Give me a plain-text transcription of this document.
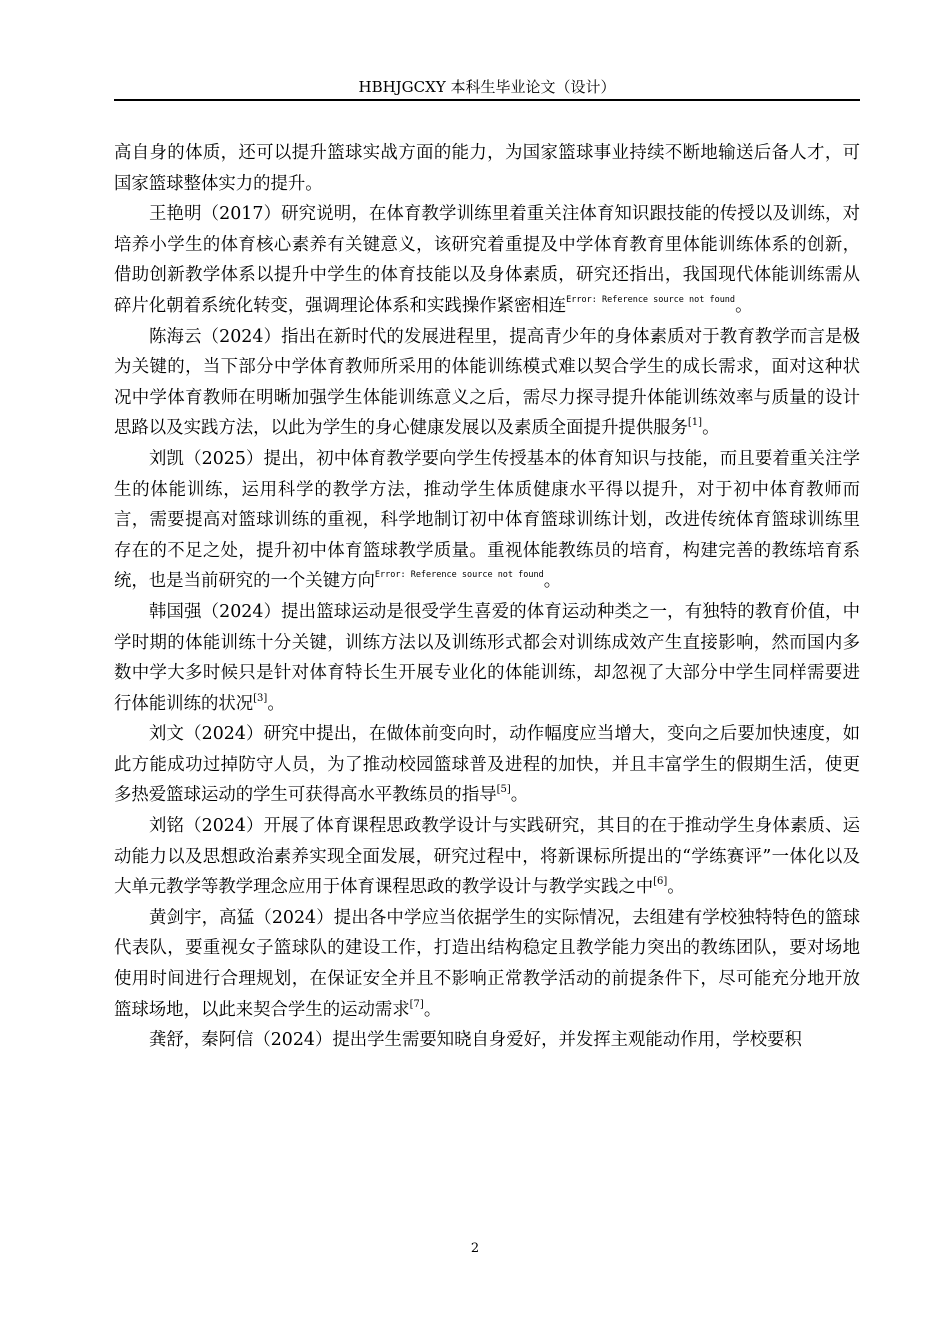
HBHJGCXY 本科生毕业论文（设计）

高自身的体质，还可以提升篮球实战方面的能力，为国家篮球事业持续不断地输送后备人才，可国家篮球整体实力的提升。

王艳明（2017）研究说明，在体育教学训练里着重关注体育知识跟技能的传授以及训练，对培养小学生的体育核心素养有关键意义，该研究着重提及中学体育教育里体能训练体系的创新，借助创新教学体系以提升中学生的体育技能以及身体素质，研究还指出，我国现代体能训练需从碎片化朝着系统化转变，强调理论体系和实践操作紧密相连$^{Error: Reference source not found}$。

陈海云（2024）指出在新时代的发展进程里，提高青少年的身体素质对于教育教学而言是极为关键的，当下部分中学体育教师所采用的体能训练模式难以契合学生的成长需求，面对这种状况中学体育教师在明晰加强学生体能训练意义之后，需尽力探寻提升体能训练效率与质量的设计思路以及实践方法，以此为学生的身心健康发展以及素质全面提升提供服务[1]。

刘凯（2025）提出，初中体育教学要向学生传授基本的体育知识与技能，而且要着重关注学生的体能训练，运用科学的教学方法，推动学生体质健康水平得以提升，对于初中体育教师而言，需要提高对篮球训练的重视，科学地制订初中体育篮球训练计划，改进传统体育篮球训练里存在的不足之处，提升初中体育篮球教学质量。重视体能教练员的培育，构建完善的教练培育系统，也是当前研究的一个关键方向$^{Error: Reference source not found}$。

韩国强（2024）提出篮球运动是很受学生喜爱的体育运动种类之一，有独特的教育价值，中学时期的体能训练十分关键，训练方法以及训练形式都会对训练成效产生直接影响，然而国内多数中学大多时候只是针对体育特长生开展专业化的体能训练，却忽视了大部分中学生同样需要进行体能训练的状况[3]。

刘文（2024）研究中提出，在做体前变向时，动作幅度应当增大，变向之后要加快速度，如此方能成功过掉防守人员，为了推动校园篮球普及进程的加快，并且丰富学生的假期生活，使更多热爱篮球运动的学生可获得高水平教练员的指导[5]。

刘铭（2024）开展了体育课程思政教学设计与实践研究，其目的在于推动学生身体素质、运动能力以及思想政治素养实现全面发展，研究过程中，将新课标所提出的“学练赛评”一体化以及大单元教学等教学理念应用于体育课程思政的教学设计与教学实践之中[6]。

黄剑宇，高猛（2024）提出各中学应当依据学生的实际情况，去组建有学校独特特色的篮球代表队，要重视女子篮球队的建设工作，打造出结构稳定且教学能力突出的教练团队，要对场地使用时间进行合理规划，在保证安全并且不影响正常教学活动的前提条件下，尽可能充分地开放篮球场地，以此来契合学生的运动需求[7]。

龚舒，秦阿信（2024）提出学生需要知晓自身爱好，并发挥主观能动作用，学校要积

2
